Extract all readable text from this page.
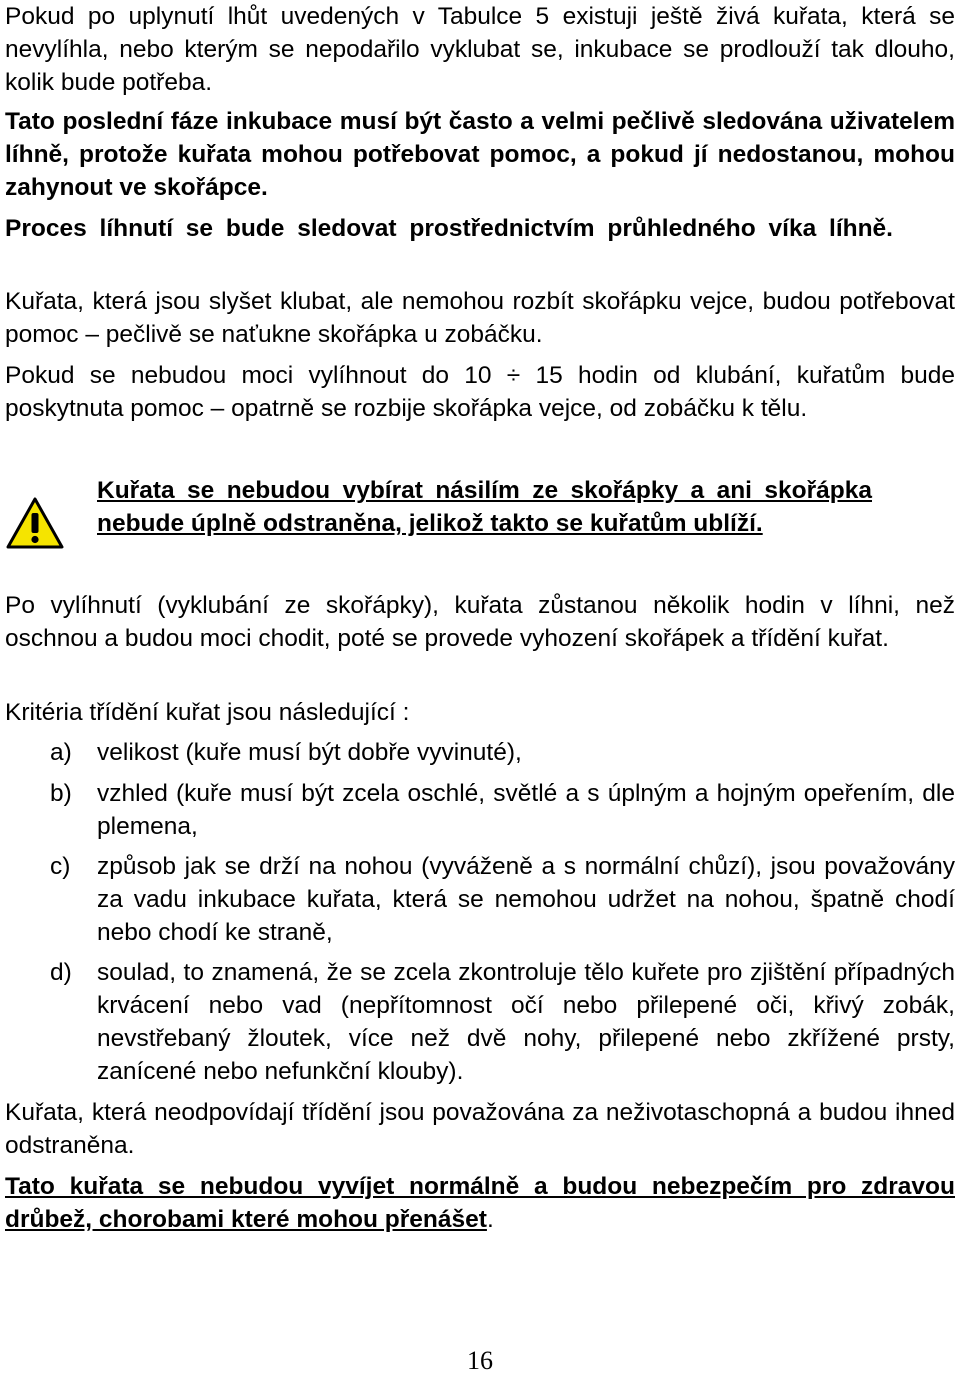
Pokud po uplynutí lhůt uvedených v Tabulce 5 existuji ještě živá kuřata, která se nevylíhla, nebo kterým se nepodařilo vyklubat se, inkubace se prodlouží tak dlouho, kolik bude potřeba.

Tato poslední fáze inkubace musí být často a velmi pečlivě sledována uživatelem líhně, protože kuřata mohou potřebovat pomoc, a pokud jí nedostanou, mohou zahynout ve skořápce.

Proces líhnutí se bude sledovat prostřednictvím průhledného víka líhně.

Kuřata, která jsou slyšet klubat, ale nemohou rozbít skořápku vejce, budou potřebovat pomoc – pečlivě se naťukne skořápka u zobáčku.

Pokud se nebudou moci vylíhnout do 10 ÷ 15 hodin od klubání, kuřatům bude poskytnuta pomoc – opatrně se rozbije skořápka vejce, od zobáčku k tělu.

Kuřata se nebudou vybírat násilím ze skořápky a ani skořápka nebude úplně odstraněna, jelikož takto se kuřatům ublíží.

Po vylíhnutí (vyklubání ze skořápky), kuřata zůstanou několik hodin v líhni, než oschnou a budou moci chodit, poté se provede vyhození skořápek a třídění kuřat.

Kritéria třídění kuřat jsou následující :

a) velikost (kuře musí být dobře vyvinuté),
b) vzhled (kuře musí být zcela oschlé, světlé a s úplným a hojným opeřením, dle plemena,
c) způsob jak se drží na nohou (vyváženě a s normální chůzí), jsou považovány za vadu inkubace kuřata, která se nemohou udržet na nohou, špatně chodí nebo chodí ke straně,
d) soulad, to znamená, že se zcela zkontroluje tělo kuřete pro zjištění případných krvácení nebo vad (nepřítomnost očí nebo přilepené oči, křivý zobák, nevstřebaný žloutek, více než dvě nohy, přilepené nebo zkřížené prsty, zanícené nebo nefunkční klouby).

Kuřata, která neodpovídají třídění jsou považována za neživotaschopná a budou ihned odstraněna.

Tato kuřata se nebudou vyvíjet normálně a budou nebezpečím pro zdravou drůbež, chorobami které mohou přenášet.

16
